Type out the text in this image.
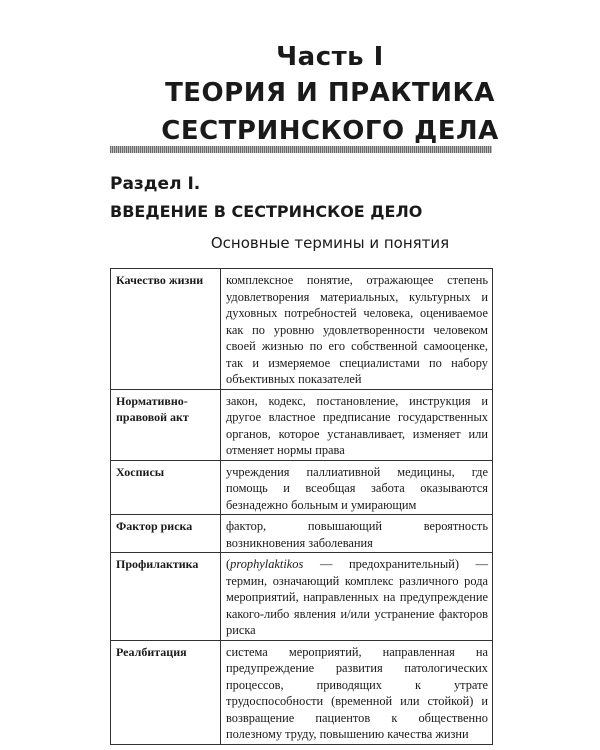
Часть I
ТЕОРИЯ И ПРАКТИКА
СЕСТРИНСКОГО ДЕЛА
Раздел I.
ВВЕДЕНИЕ В СЕСТРИНСКОЕ ДЕЛО
Основные термины и понятия
Качество жизни	комплексное понятие, отражающее степень удовлетворения материальных, культурных и духовных потребностей человека, оцениваемое как по уровню удовлетворенности человеком своей жизнью по его собственной самооценке, так и измеряемое специалистами по набору объективных показателей
Нормативно-правовой акт	закон, кодекс, постановление, инструкция и другое властное предписание государственных органов, которое устанавливает, изменяет или отменяет нормы права
Хосписы	учреждения паллиативной медицины, где помощь и всеобщая забота оказываются безнадежно больным и умирающим
Фактор риска	фактор, повышающий вероятность возникновения заболевания
Профилактика	(prophylaktikos — предохранительный) — термин, означающий комплекс различного рода мероприятий, направленных на предупреждение какого-либо явления и/или устранение факторов риска
Реалбитация	система мероприятий, направленная на предупреждение развития патологических процессов, приводящих к утрате трудоспособности (временной или стойкой) и возвращение пациентов к общественно полезному труду, повышению качества жизни
